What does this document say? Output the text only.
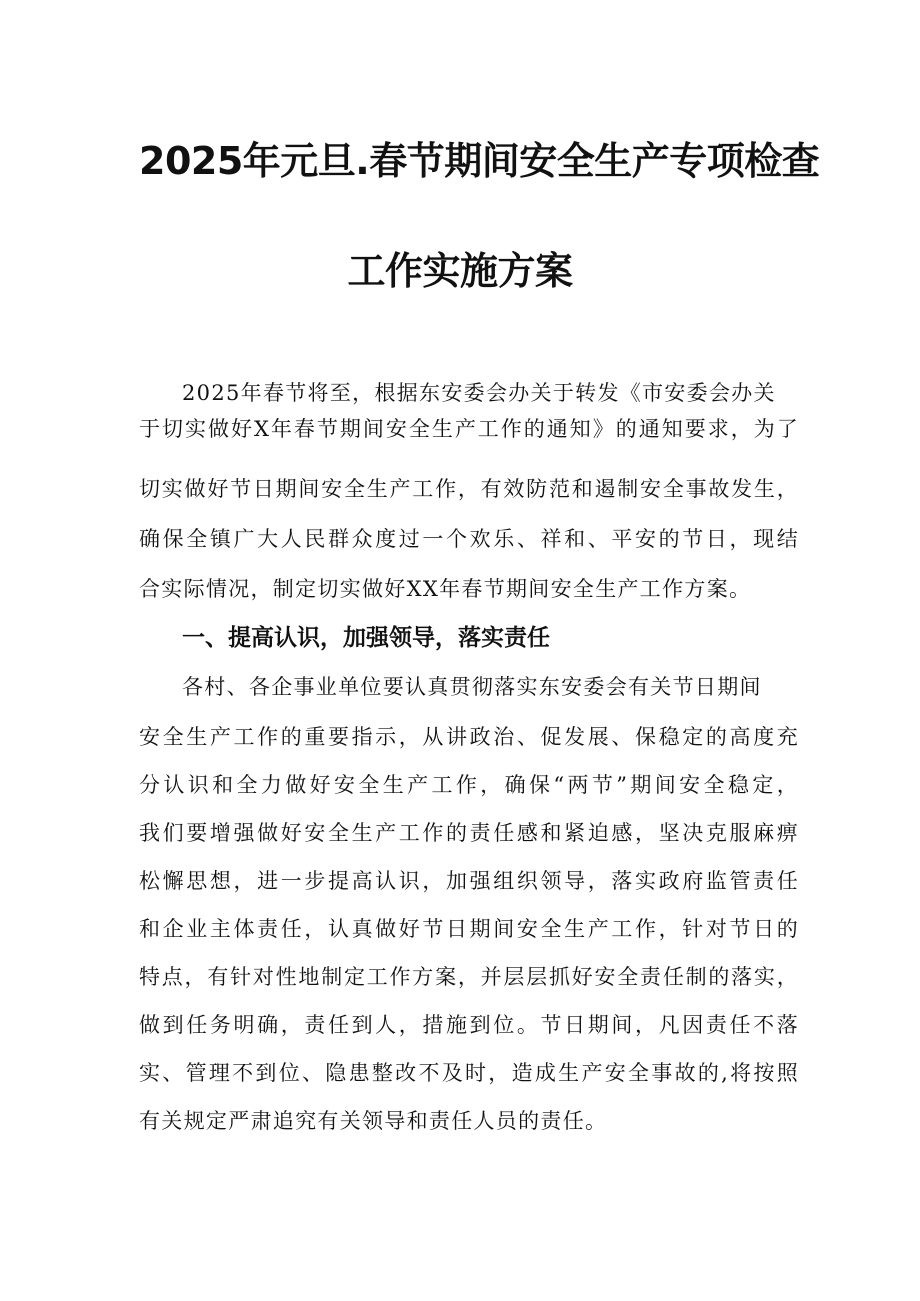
2025年元旦.春节期间安全生产专项检查
工作实施方案
2025年春节将至，根据东安委会办关于转发《市安委会办关
于切实做好X年春节期间安全生产工作的通知》的通知要求，为了
切实做好节日期间安全生产工作，有效防范和遏制安全事故发生，
确保全镇广大人民群众度过一个欢乐、祥和、平安的节日，现结
合实际情况，制定切实做好XX年春节期间安全生产工作方案。
一、提高认识，加强领导，落实责任
各村、各企事业单位要认真贯彻落实东安委会有关节日期间
安全生产工作的重要指示，从讲政治、促发展、保稳定的高度充
分认识和全力做好安全生产工作，确保“两节”期间安全稳定，
我们要增强做好安全生产工作的责任感和紧迫感，坚决克服麻痹
松懈思想，进一步提高认识，加强组织领导，落实政府监管责任
和企业主体责任，认真做好节日期间安全生产工作，针对节日的
特点，有针对性地制定工作方案，并层层抓好安全责任制的落实，
做到任务明确，责任到人，措施到位。节日期间，凡因责任不落
实、管理不到位、隐患整改不及时，造成生产安全事故的,将按照
有关规定严肃追究有关领导和责任人员的责任。
